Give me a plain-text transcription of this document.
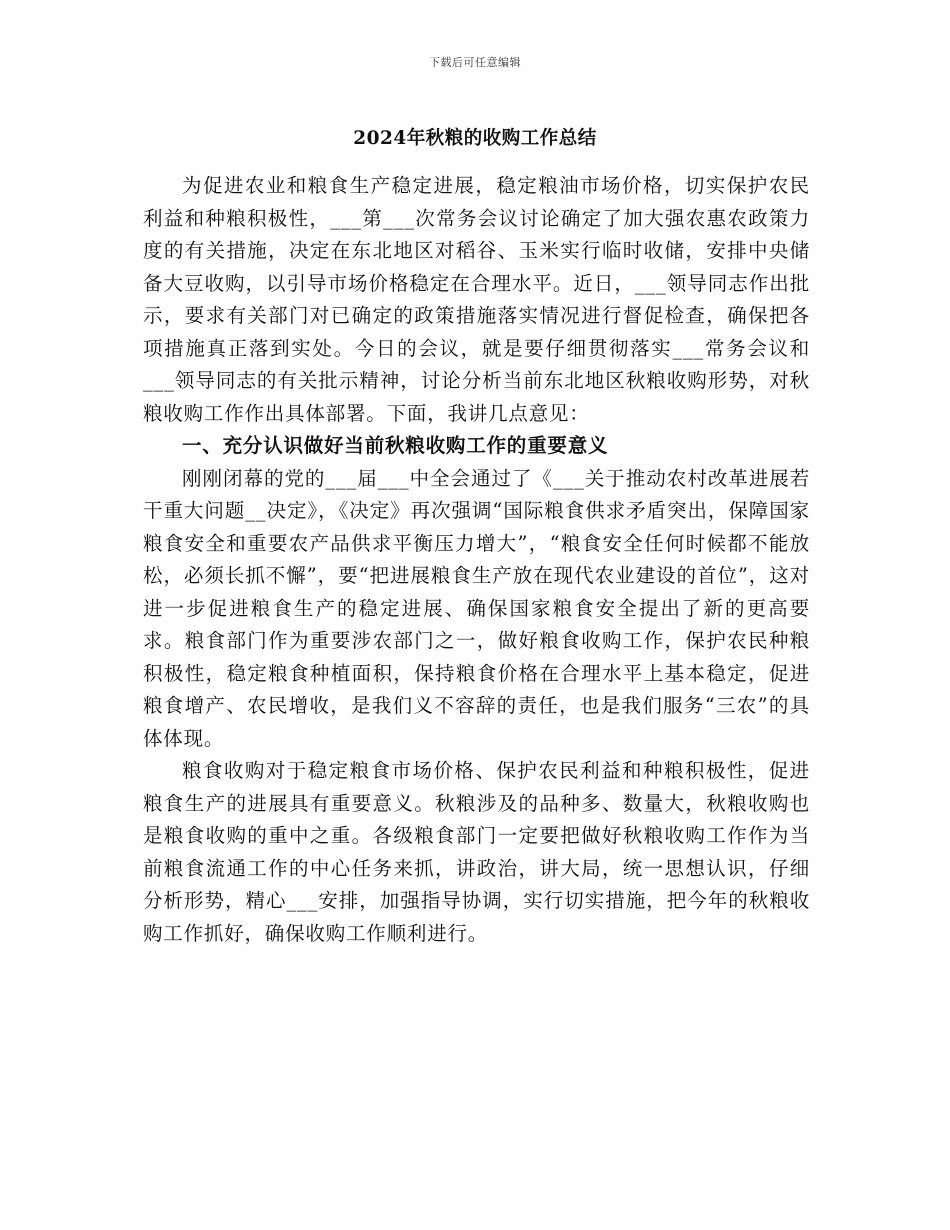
下载后可任意编辑
2024年秋粮的收购工作总结

为促进农业和粮食生产稳定进展，稳定粮油市场价格，切实保护农民利益和种粮积极性，___第___次常务会议讨论确定了加大强农惠农政策力度的有关措施，决定在东北地区对稻谷、玉米实行临时收储，安排中央储备大豆收购，以引导市场价格稳定在合理水平。近日，___领导同志作出批示，要求有关部门对已确定的政策措施落实情况进行督促检查，确保把各项措施真正落到实处。今日的会议，就是要仔细贯彻落实___常务会议和___领导同志的有关批示精神，讨论分析当前东北地区秋粮收购形势，对秋粮收购工作作出具体部署。下面，我讲几点意见：

一、充分认识做好当前秋粮收购工作的重要意义

刚刚闭幕的党的___届___中全会通过了《___关于推动农村改革进展若干重大问题__决定》，《决定》再次强调“国际粮食供求矛盾突出，保障国家粮食安全和重要农产品供求平衡压力增大”，“粮食安全任何时候都不能放松，必须长抓不懈”，要“把进展粮食生产放在现代农业建设的首位”，这对进一步促进粮食生产的稳定进展、确保国家粮食安全提出了新的更高要求。粮食部门作为重要涉农部门之一，做好粮食收购工作，保护农民种粮积极性，稳定粮食种植面积，保持粮食价格在合理水平上基本稳定，促进粮食增产、农民增收，是我们义不容辞的责任，也是我们服务“三农”的具体体现。

粮食收购对于稳定粮食市场价格、保护农民利益和种粮积极性，促进粮食生产的进展具有重要意义。秋粮涉及的品种多、数量大，秋粮收购也是粮食收购的重中之重。各级粮食部门一定要把做好秋粮收购工作作为当前粮食流通工作的中心任务来抓，讲政治，讲大局，统一思想认识，仔细分析形势，精心___安排，加强指导协调，实行切实措施，把今年的秋粮收购工作抓好，确保收购工作顺利进行。
